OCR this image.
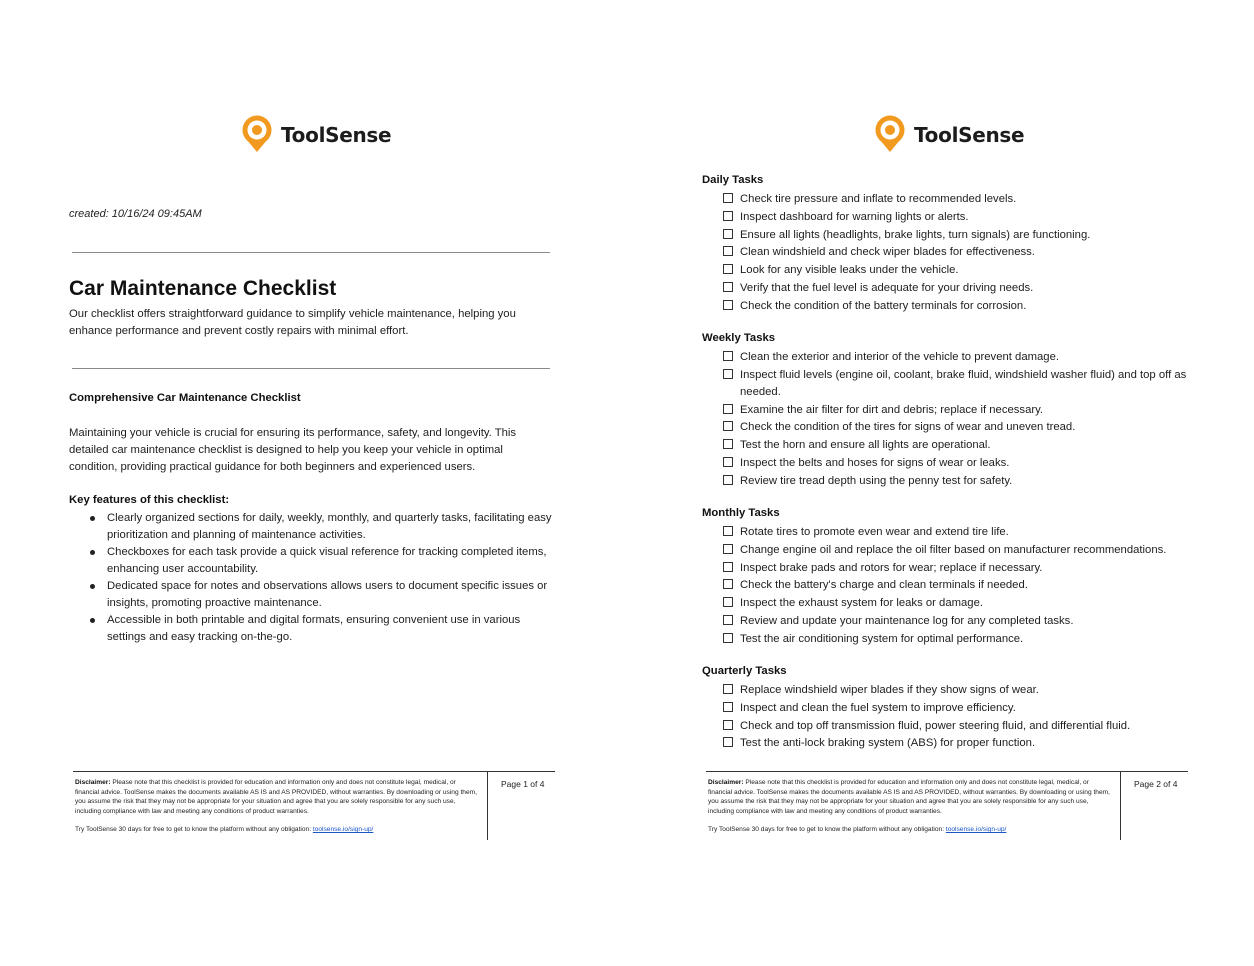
ToolSense
created: 10/16/24 09:45AM
Car Maintenance Checklist
Our checklist offers straightforward guidance to simplify vehicle maintenance, helping you enhance performance and prevent costly repairs with minimal effort.
Comprehensive Car Maintenance Checklist
Maintaining your vehicle is crucial for ensuring its performance, safety, and longevity. This detailed car maintenance checklist is designed to help you keep your vehicle in optimal condition, providing practical guidance for both beginners and experienced users.
Key features of this checklist:
Clearly organized sections for daily, weekly, monthly, and quarterly tasks, facilitating easy prioritization and planning of maintenance activities.
Checkboxes for each task provide a quick visual reference for tracking completed items, enhancing user accountability.
Dedicated space for notes and observations allows users to document specific issues or insights, promoting proactive maintenance.
Accessible in both printable and digital formats, ensuring convenient use in various settings and easy tracking on-the-go.
Disclaimer: Please note that this checklist is provided for education and information only and does not constitute legal, medical, or financial advice. ToolSense makes the documents available AS IS and AS PROVIDED, without warranties. By downloading or using them, you assume the risk that they may not be appropriate for your situation and agree that you are solely responsible for any such use, including compliance with law and meeting any conditions of product warranties.
Try ToolSense 30 days for free to get to know the platform without any obligation: toolsense.io/sign-up/
Page 1 of 4
ToolSense
Daily Tasks
Check tire pressure and inflate to recommended levels.
Inspect dashboard for warning lights or alerts.
Ensure all lights (headlights, brake lights, turn signals) are functioning.
Clean windshield and check wiper blades for effectiveness.
Look for any visible leaks under the vehicle.
Verify that the fuel level is adequate for your driving needs.
Check the condition of the battery terminals for corrosion.
Weekly Tasks
Clean the exterior and interior of the vehicle to prevent damage.
Inspect fluid levels (engine oil, coolant, brake fluid, windshield washer fluid) and top off as needed.
Examine the air filter for dirt and debris; replace if necessary.
Check the condition of the tires for signs of wear and uneven tread.
Test the horn and ensure all lights are operational.
Inspect the belts and hoses for signs of wear or leaks.
Review tire tread depth using the penny test for safety.
Monthly Tasks
Rotate tires to promote even wear and extend tire life.
Change engine oil and replace the oil filter based on manufacturer recommendations.
Inspect brake pads and rotors for wear; replace if necessary.
Check the battery's charge and clean terminals if needed.
Inspect the exhaust system for leaks or damage.
Review and update your maintenance log for any completed tasks.
Test the air conditioning system for optimal performance.
Quarterly Tasks
Replace windshield wiper blades if they show signs of wear.
Inspect and clean the fuel system to improve efficiency.
Check and top off transmission fluid, power steering fluid, and differential fluid.
Test the anti-lock braking system (ABS) for proper function.
Disclaimer: Please note that this checklist is provided for education and information only and does not constitute legal, medical, or financial advice. ToolSense makes the documents available AS IS and AS PROVIDED, without warranties. By downloading or using them, you assume the risk that they may not be appropriate for your situation and agree that you are solely responsible for any such use, including compliance with law and meeting any conditions of product warranties.
Try ToolSense 30 days for free to get to know the platform without any obligation: toolsense.io/sign-up/
Page 2 of 4
